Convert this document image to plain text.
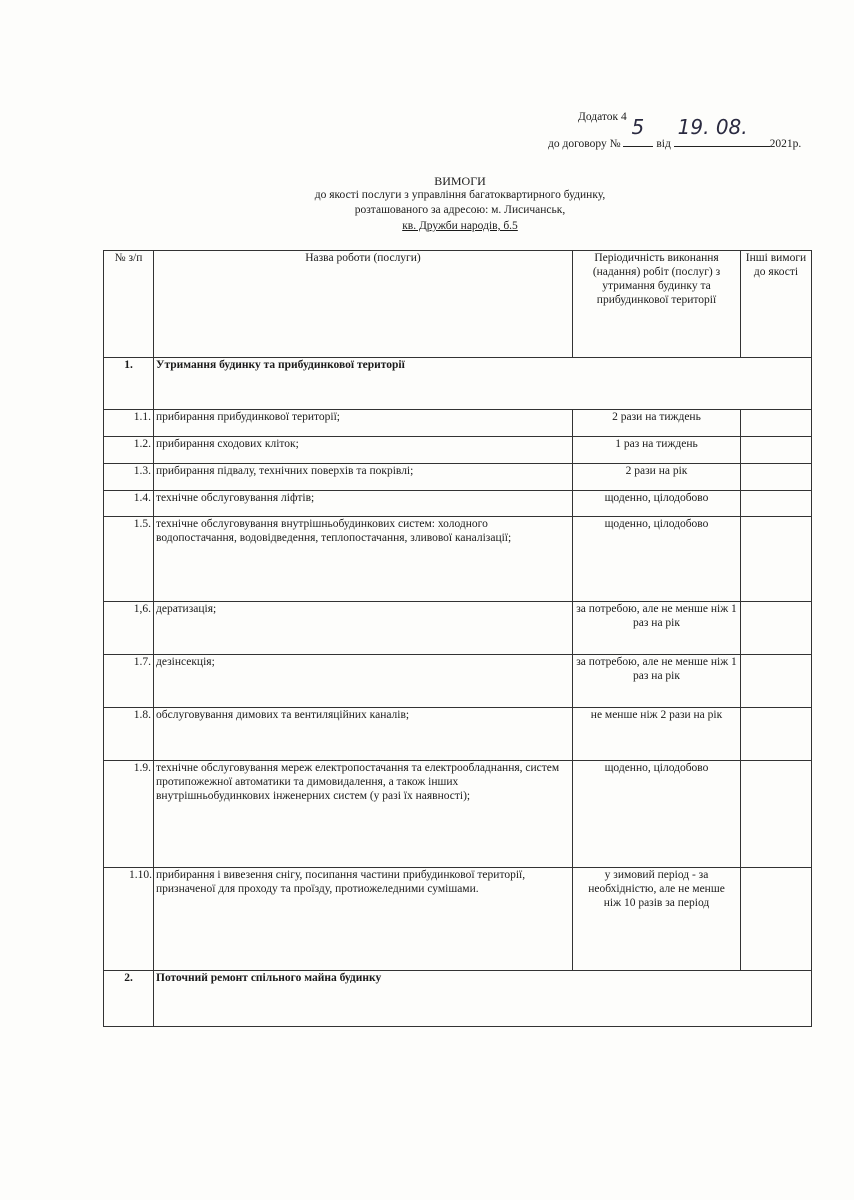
Додаток 4
до договору №
5
від
19. 08.
2021р.
ВИМОГИ
до якості послуги з управління багатоквартирного будинку,
розташованого за адресою: м. Лисичанськ,
кв. Дружби народів, б.5
№ з/п	Назва роботи (послуги)	Періодичність виконання (надання) робіт (послуг) з утримання будинку та прибудинкової території	Інші вимоги до якості
1.	Утримання будинку та прибудинкової території		
1.1.	прибирання прибудинкової території;	2 рази на тиждень	
1.2.	прибирання сходових кліток;	1 раз на тиждень	
1.3.	прибирання підвалу, технічних поверхів та покрівлі;	2 рази на рік	
1.4.	технічне обслуговування ліфтів;	щоденно, цілодобово	
1.5.	технічне обслуговування внутрішньобудинкових систем: холодного водопостачання, водовідведення, теплопостачання, зливової каналізації;	щоденно, цілодобово	
1,6.	дератизація;	за потребою, але не менше ніж 1 раз на рік	
1.7.	дезінсекція;	за потребою, але не менше ніж 1 раз на рік	
1.8.	обслуговування димових та вентиляційних каналів;	не менше ніж 2 рази на рік	
1.9.	технічне обслуговування мереж електропостачання та електрообладнання, систем протипожежної автоматики та димовидалення, а також інших внутрішньобудинкових інженерних систем (у разі їх наявності);	щоденно, цілодобово	
1.10.	прибирання і вивезення снігу, посипання частини прибудинкової території, призначеної для проходу та проїзду, протиожеледними сумішами.	у зимовий період - за необхідністю, але не менше ніж 10 разів за період	
2.	Поточний ремонт спільного майна будинку		
